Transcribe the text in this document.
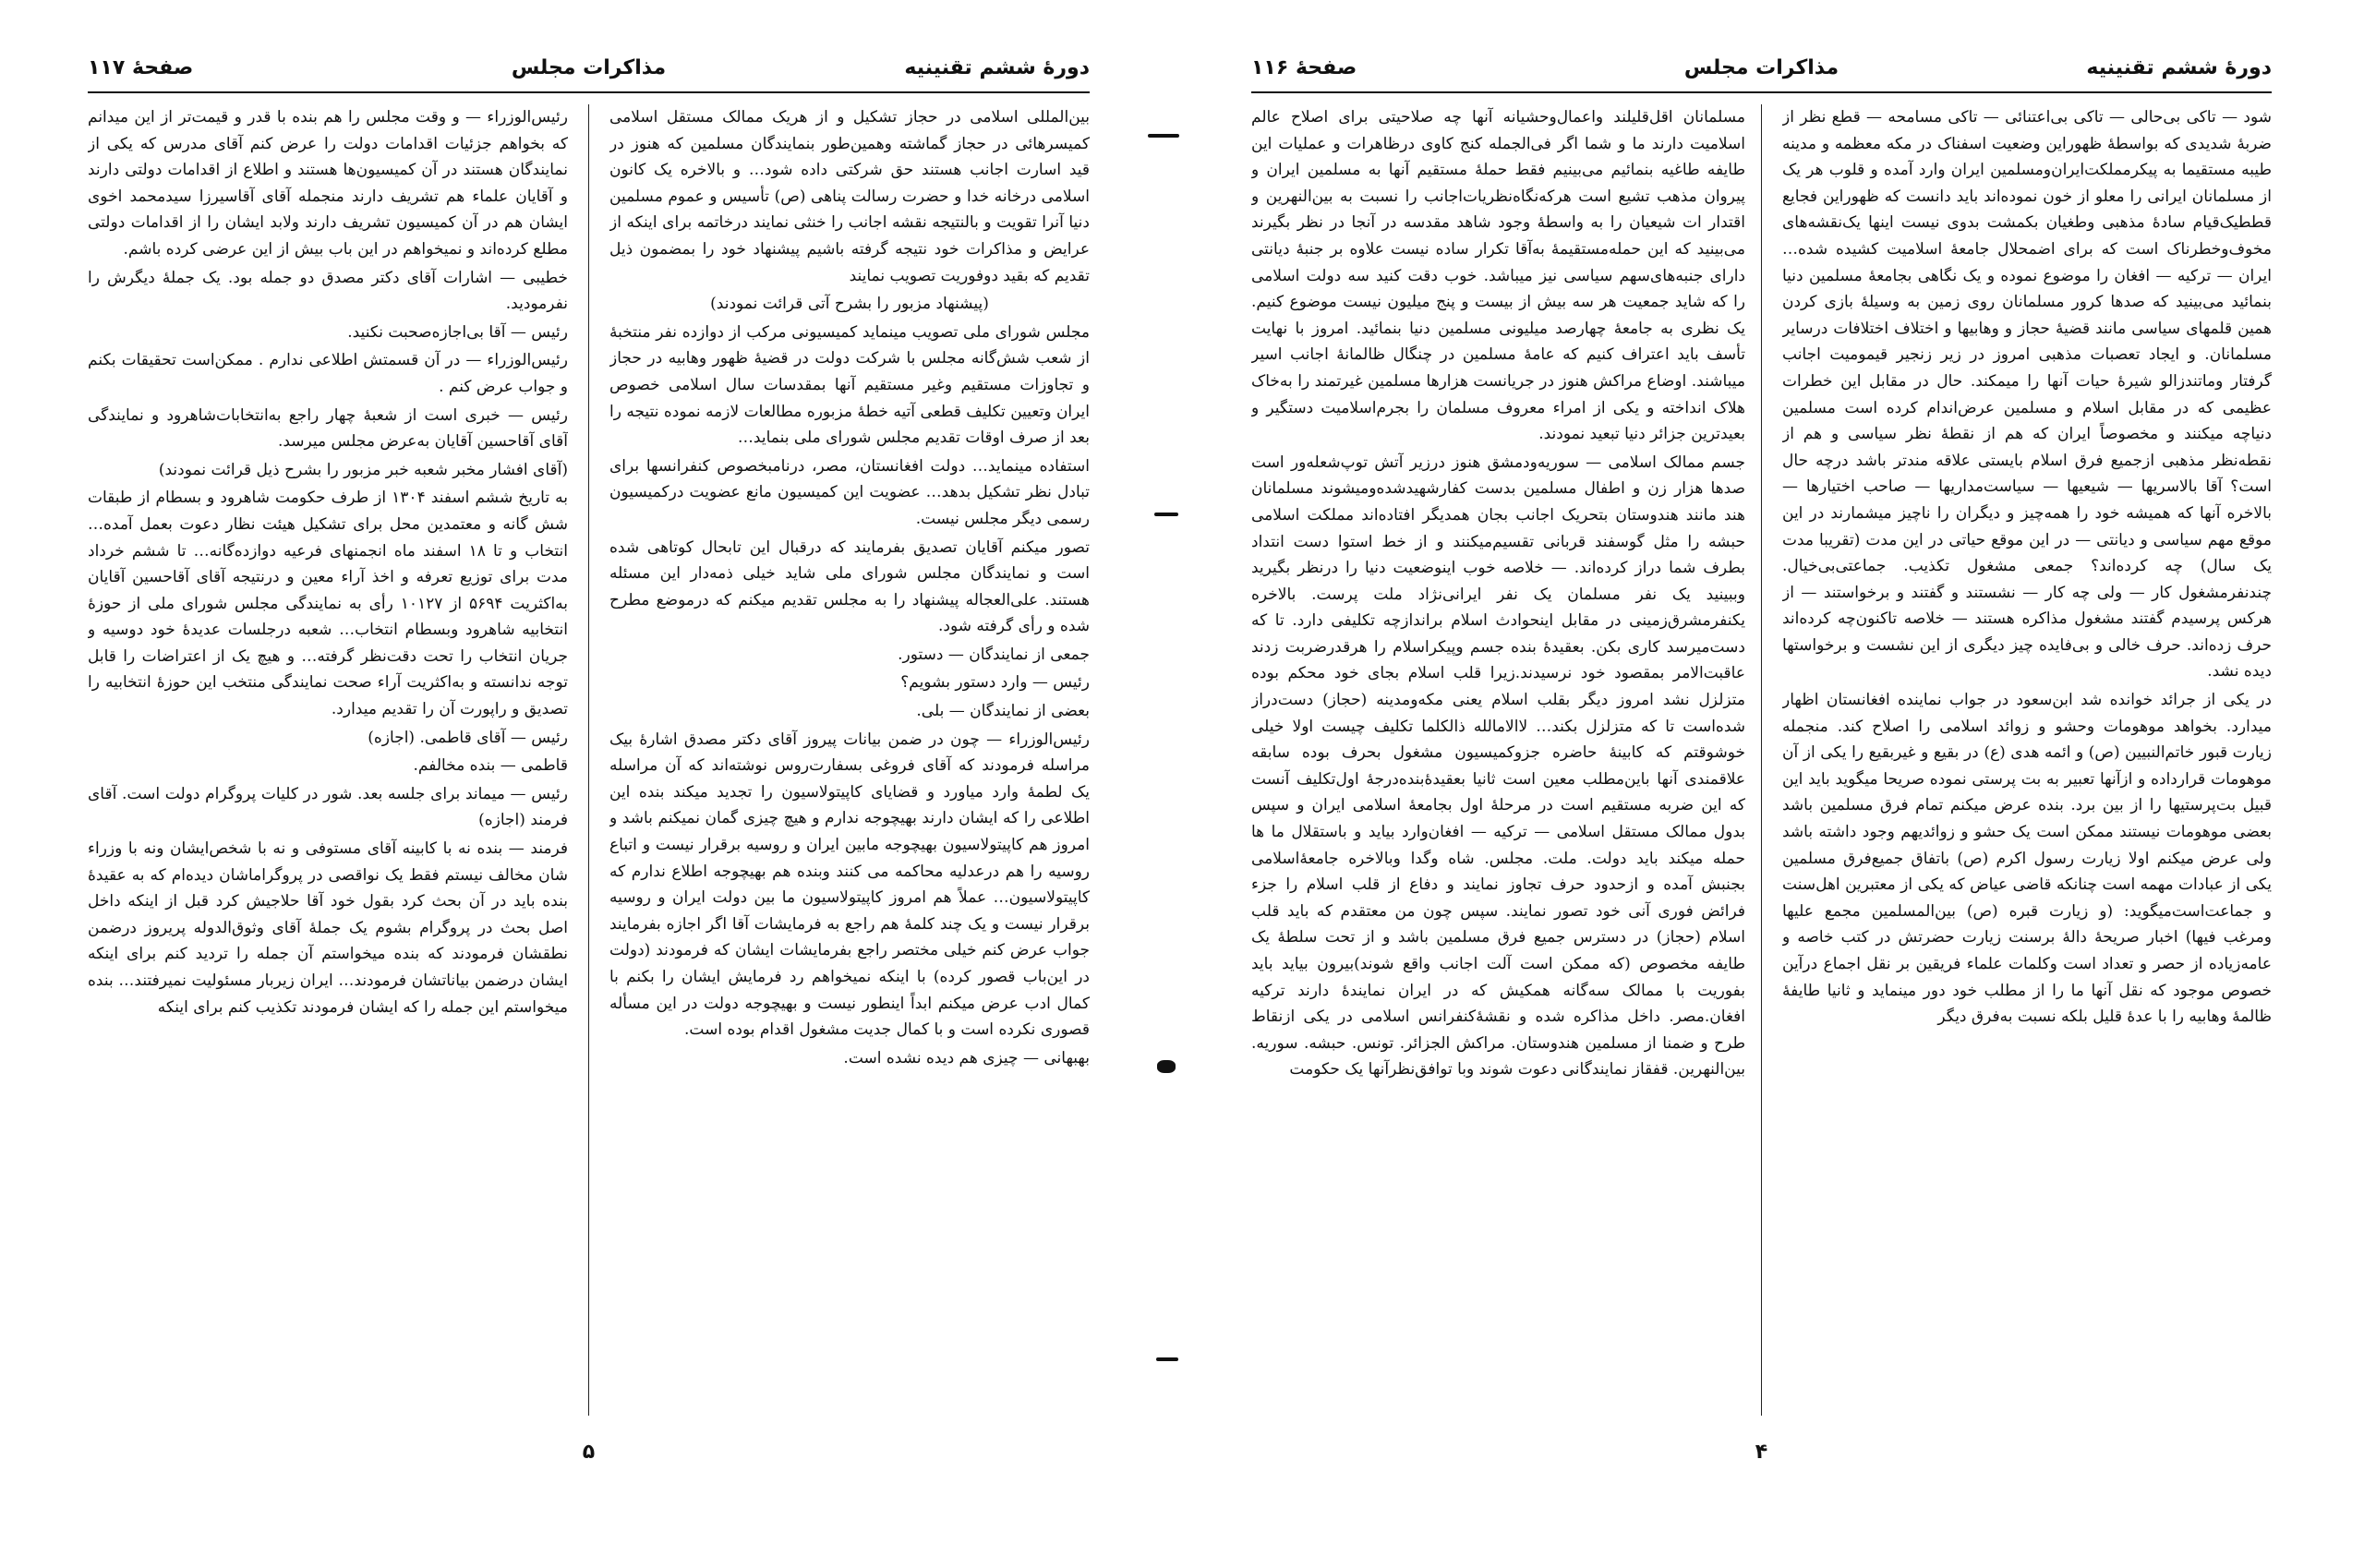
دورهٔ ششم تقنینیه
مذاکرات مجلس
صفحهٔ ۱۱۷

بین‌المللی اسلامی در حجاز تشکیل و از هریک ممالک مستقل اسلامی کمیسرهائی در حجاز گماشته وهمین‌طور بنمایندگان مسلمین که هنوز در قید اسارت اجانب هستند حق شرکتی داده شود… و بالاخره یک کانون اسلامی درخانه خدا و حضرت رسالت پناهی (ص) تأسیس و عموم مسلمین دنیا آنرا تقویت و بالنتیجه نقشه اجانب را خنثی نمایند درخاتمه برای اینکه از عرایض و مذاکرات خود نتیجه گرفته باشیم پیشنهاد خود را بمضمون ذیل تقدیم که بقید دوفوریت تصویب نمایند

(پیشنهاد مزبور را بشرح آتی قرائت نمودند)

مجلس شورای ملی تصویب مینماید کمیسیونی مرکب از دوازده نفر منتخبهٔ از شعب شش‌گانه مجلس با شرکت دولت در قضیهٔ ظهور وهابیه در حجاز و تجاوزات مستقیم وغیر مستقیم آنها بمقدسات سال اسلامی خصوص ایران وتعیین تکلیف قطعی آتیه خطهٔ مزبوره مطالعات لازمه نموده نتیجه را بعد از صرف اوقات تقدیم مجلس شورای ملی بنماید…

استفاده مینماید… دولت افغانستان، مصر، درنامبخصوص کنفرانسها برای تبادل نظر تشکیل بدهد… عضویت این کمیسیون مانع عضویت درکمیسیون رسمی دیگر مجلس نیست.

تصور میکنم آقایان تصدیق بفرمایند که درقبال این تابحال کوتاهی شده است و نمایندگان مجلس شورای ملی شاید خیلی ذمه‌دار این مسئله هستند. علی‌العجاله پیشنهاد را به مجلس تقدیم میکنم که درموضع مطرح شده و رأی گرفته شود.

جمعی از نمایندگان — دستور.

رئیس — وارد دستور بشویم؟

بعضی از نمایندگان — بلی.

رئیس‌الوزراء — چون در ضمن بیانات پیروز آقای دکتر مصدق اشارهٔ بیک مراسله فرمودند که آقای فروغی بسفارت‌روس نوشته‌اند که آن مراسله یک لطمهٔ وارد میاورد و قضایای کاپیتولاسیون را تجدید میکند بنده این اطلاعی را که ایشان دارند بهیچوجه ندارم و هیچ چیزی گمان نمیکنم باشد و امروز هم کاپیتولاسیون بهیچوجه مابین ایران و روسیه برقرار نیست و اتباع روسیه را هم درعدلیه محاکمه می کنند وبنده هم بهیچوجه اطلاع ندارم که کاپیتولاسیون… عملاً هم امروز کاپیتولاسیون ما بین دولت ایران و روسیه برقرار نیست و یک چند کلمهٔ هم راجع به فرمایشات آقا اگر اجازه بفرمایند جواب عرض کنم خیلی مختصر راجع بفرمایشات ایشان که فرمودند (دولت در این‌باب قصور کرده) با اینکه نمیخواهم رد فرمایش ایشان را بکنم با کمال ادب عرض میکنم ابداً اینطور نیست و بهیچوجه دولت در این مسأله قصوری نکرده است و با کمال جدیت مشغول اقدام بوده است.

بهبهانی — چیزی هم دیده نشده است.

رئیس‌الوزراء — و وقت مجلس را هم بنده با قدر و قیمت‌تر از این میدانم که بخواهم جزئیات اقدامات دولت را عرض کنم آقای مدرس که یکی از نمایندگان هستند در آن کمیسیون‌ها هستند و اطلاع از اقدامات دولتی دارند و آقایان علماء هم تشریف دارند منجمله آقای آقاسیرزا سیدمحمد اخوی ایشان هم در آن کمیسیون تشریف دارند ولابد ایشان را از اقدامات دولتی مطلع کرده‌اند و نمیخواهم در این باب بیش از این عرضی کرده باشم.

خطیبی — اشارات آقای دکتر مصدق دو جمله بود. یک جملهٔ دیگرش را نفرمودید.

رئیس — آقا بی‌اجازه‌صحبت نکنید.

رئیس‌الوزراء — در آن قسمتش اطلاعی ندارم . ممکن‌است تحقیقات بکنم و جواب عرض کنم .

رئیس — خبری است از شعبهٔ چهار راجع به‌انتخابات‌شاهرود و نمایندگی آقای آقاحسین آقایان به‌عرض مجلس میرسد.

(آقای افشار مخبر شعبه خبر مزبور را بشرح ذیل قرائت نمودند)

به تاریخ ششم اسفند ۱۳۰۴ از طرف حکومت شاهرود و بسطام از طبقات شش گانه و معتمدین محل برای تشکیل هیئت نظار دعوت بعمل آمده… انتخاب و تا ۱۸ اسفند ماه انجمنهای فرعیه دوازده‌گانه… تا ششم خرداد مدت برای توزیع تعرفه و اخذ آراء معین و درنتیجه آقای آقاحسین آقایان به‌اکثریت ۵۶۹۴ از ۱۰۱۲۷ رأی به نمایندگی مجلس شورای ملی از حوزهٔ انتخابیه شاهرود وبسطام انتخاب… شعبه درجلسات عدیدهٔ خود دوسیه و جریان انتخاب را تحت دقت‌نظر گرفته… و هیچ یک از اعتراضات را قابل توجه ندانسته و به‌اکثریت آراء صحت نمایندگی منتخب این حوزهٔ انتخابیه را تصدیق و راپورت آن را تقدیم میدارد.

رئیس — آقای قاطمی. (اجازه)

قاطمی — بنده مخالفم.

رئیس — میماند برای جلسه بعد. شور در کلیات پروگرام دولت است. آقای فرمند (اجازه)

فرمند — بنده نه با کابینه آقای مستوفی و نه با شخص‌ایشان ونه با وزراء شان مخالف نیستم فقط یک نواقصی در پروگراماشان دیده‌ام که به عقیدهٔ بنده باید در آن بحث کرد بقول خود آقا حلاجیش کرد قبل از اینکه داخل اصل بحث در پروگرام بشوم یک جملهٔ آقای وثوق‌الدوله پریروز درضمن نطقشان فرمودند که بنده میخواستم آن جمله را تردید کنم برای اینکه ایشان درضمن بیاناتشان فرمودند… ایران زیربار مسئولیت نمیرفتند… بنده میخواستم این جمله را که ایشان فرمودند تکذیب کنم برای اینکه

۵
دورهٔ ششم تقنینیه
مذاکرات مجلس
صفحهٔ ۱۱۶

شود — تاکی بی‌حالی — تاکی بی‌اعتنائی — تاکی مسامحه — قطع نظر از ضربهٔ شدیدی که بواسطهٔ ظهوراین وضعیت اسفناک در مکه معظمه و مدینه طیبه مستقیما به پیکرمملکت‌ایران‌ومسلمین ایران وارد آمده و قلوب هر یک از مسلمانان ایرانی را معلو از خون نموده‌اند باید دانست که ظهوراین فجایع قططیک‌قیام سادهٔ مذهبی وطغیان بکمشت بدوی نیست اینها یک‌نقشه‌های مخوف‌وخطرناک است که برای اضمحلال جامعهٔ اسلامیت کشیده شده… ایران — ترکیه — افغان را موضوع نموده و یک نگاهی بجامعهٔ مسلمین دنیا بنمائید می‌بینید که صدها کرور مسلمانان روی زمین به وسیلهٔ بازی کردن همین قلمهای سیاسی مانند قضیهٔ حجاز و وهابیها و اختلاف اختلافات درسایر مسلمانان. و ایجاد تعصبات مذهبی امروز در زیر زنجیر قیمومیت اجانب گرفتار وماتندزالو شیرهٔ حیات آنها را میمکند. حال در مقابل این خطرات عظیمی که در مقابل اسلام و مسلمین عرض‌اندام کرده است مسلمین دنیاچه میکنند و مخصوصاً ایران که هم از نقطهٔ نظر سیاسی و هم از نقطه‌نظر مذهبی ازجمیع فرق اسلام بایستی علاقه مندتر باشد درچه حال است؟ آقا بالاسریها — شیعیها — سیاست‌مداریها — صاحب اختیارها — بالاخره آنها که همیشه خود را همه‌چیز و دیگران را ناچیز میشمارند در این موقع مهم سیاسی و دیانتی — در این موقع حیاتی در این مدت (تقریبا مدت یک سال) چه کرده‌اند؟ جمعی مشغول تکذیب. جماعتی‌بی‌خیال. چندنفر‌مشغول کار — ولی چه کار — نشستند و گفتند و برخواستند — از هرکس پرسیدم گفتند مشغول مذاکره هستند — خلاصه تاکنون‌چه کرده‌اند حرف زده‌اند. حرف خالی و بی‌فایده چیز دیگری از این نشست و برخواستها دیده نشد.

در یکی از جرائد خوانده شد ابن‌سعود در جواب نماینده افغانستان اظهار میدارد. بخواهد موهومات وحشو و زوائد اسلامی را اصلاح کند. منجمله زیارت قبور خاتم‌النبیین (ص) و ائمه هدی (ع) در بقیع و غیربقیع را یکی از آن موهومات قرارداده و ازآنها تعبیر به بت پرستی نموده صریحا میگوید باید این قبیل بت‌پرستیها را از بین برد. بنده عرض میکنم تمام فرق مسلمین باشد بعضی موهومات نیستند ممکن است یک حشو و زوائدیهم وجود داشته باشد ولی عرض میکنم اولا زیارت رسول اکرم (ص) باتفاق جمیع‌فرق مسلمین یکی از عبادات مهمه است چنانکه قاضی عیاض که یکی از معتبرین اهل‌سنت و جماعت‌است‌میگوید: (و زیارت قبره (ص) بین‌المسلمین مجمع علیها ومرغب فیها) اخبار صریحهٔ دالهٔ برسنت زیارت حضرتش در کتب خاصه و عامه‌زیاده از حصر و تعداد است وکلمات علماء فریقین بر نقل اجماع درآین خصوص موجود که نقل آنها ما را از مطلب خود دور مینماید و ثانیا طایفهٔ ظالمهٔ وهابیه را با عدهٔ قلیل بلکه نسبت به‌فرق دیگر

مسلمانان اقل‌قلیلند واعمال‌وحشیانه آنها چه صلاحیتی برای اصلاح عالم اسلامیت دارند ما و شما اگر فی‌الجمله کنج کاوی درظاهرات و عملیات این طایفه طاغیه بنمائیم می‌بینیم فقط حملهٔ مستقیم آنها به مسلمین ایران و پیروان مذهب تشیع است هرکه‌نگاه‌نظریات‌اجانب را نسبت به بین‌النهرین و اقتدار ات شیعیان را به واسطهٔ وجود شاهد مقدسه در آنجا در نظر بگیرند می‌بینید که این حمله‌مستقیمهٔ به‌آقا تکرار ساده نیست علاوه بر جنبهٔ دیانتی دارای جنبه‌های‌سهم سیاسی نیز میباشد. خوب دقت کنید سه دولت اسلامی را که شاید جمعیت هر سه بیش از بیست و پنج میلیون نیست موضوع کنیم. یک نظری به جامعهٔ چهارصد میلیونی مسلمین دنیا بنمائید. امروز با نهایت تأسف باید اعتراف کنیم که عامهٔ مسلمین در چنگال ظالمانهٔ اجانب اسیر میباشند. اوضاع مراکش هنوز در جریانست هزارها مسلمین غیرتمند را به‌خاک هلاک انداخته و یکی از امراء معروف مسلمان را بجرم‌اسلامیت دستگیر و بعیدترین جزائر دنیا تبعید نمودند.

جسم ممالک اسلامی — سوریه‌ودمشق هنوز درزیر آتش توپ‌شعله‌ور است صدها هزار زن و اطفال مسلمین بدست کفارشهیدشده‌ومیشوند مسلمانان هند مانند هندوستان بتحریک اجانب بجان همدیگر افتاده‌اند مملکت اسلامی حبشه را مثل گوسفند قربانی تقسیم‌میکنند و از خط استوا دست انتداد بطرف شما دراز کرده‌اند. — خلاصه خوب اینوضعیت دنیا را درنظر بگیرید وببینید یک نفر مسلمان یک نفر ایرانی‌نژاد ملت پرست. بالاخره یکنفرمشرق‌زمینی در مقابل اینحوادث اسلام براندازچه تکلیفی دارد. تا که دست‌میرسد کاری بکن. بعقیدهٔ بنده جسم وپیکراسلام را هرقدرضربت زدند عاقبت‌الامر بمقصود خود نرسیدند.زیرا قلب اسلام بجای خود محکم بوده متزلزل نشد امروز دیگر بقلب اسلام یعنی مکه‌ومدینه (حجاز) دست‌دراز شده‌است تا که متزلزل بکند… لاالامالله ذالکلما تکلیف چیست اولا خیلی خوشوقتم که کابینهٔ حاضره جزوکمیسیون مشغول بحرف بوده سابقه علاقمندی آنها باین‌مطلب معین است ثانیا بعقیدهٔ‌بنده‌درجهٔ اول‌تکلیف آنست که این ضربه مستقیم است در مرحلهٔ اول بجامعهٔ اسلامی ایران و سپس بدول ممالک مستقل اسلامی — ترکیه — افغان‌وارد بیاید و باستقلال ما ها حمله میکند باید دولت. ملت. مجلس. شاه وگدا وبالاخره جامعهٔ‌اسلامی بجنبش آمده و ازحدود حرف تجاوز نمایند و دفاع از قلب اسلام را جزء فرائض فوری آنی خود تصور نمایند. سپس چون من معتقدم که باید قلب اسلام (حجاز) در دسترس جمیع فرق مسلمین باشد و از تحت سلطهٔ یک طایفه مخصوص (که ممکن است آلت اجانب واقع شوند)بیرون بیاید باید بفوریت با ممالک سه‌گانه همکیش که در ایران نمایندهٔ دارند ترکیه افغان.مصر. داخل مذاکره شده و نقشهٔ‌کنفرانس اسلامی در یکی ازنقاط طرح و ضمنا از مسلمین هندوستان. مراکش الجزائر. تونس. حبشه. سوریه. بین‌النهرین. قفقاز نمایندگانی دعوت شوند وبا توافق‌نظرآنها یک حکومت

۴
